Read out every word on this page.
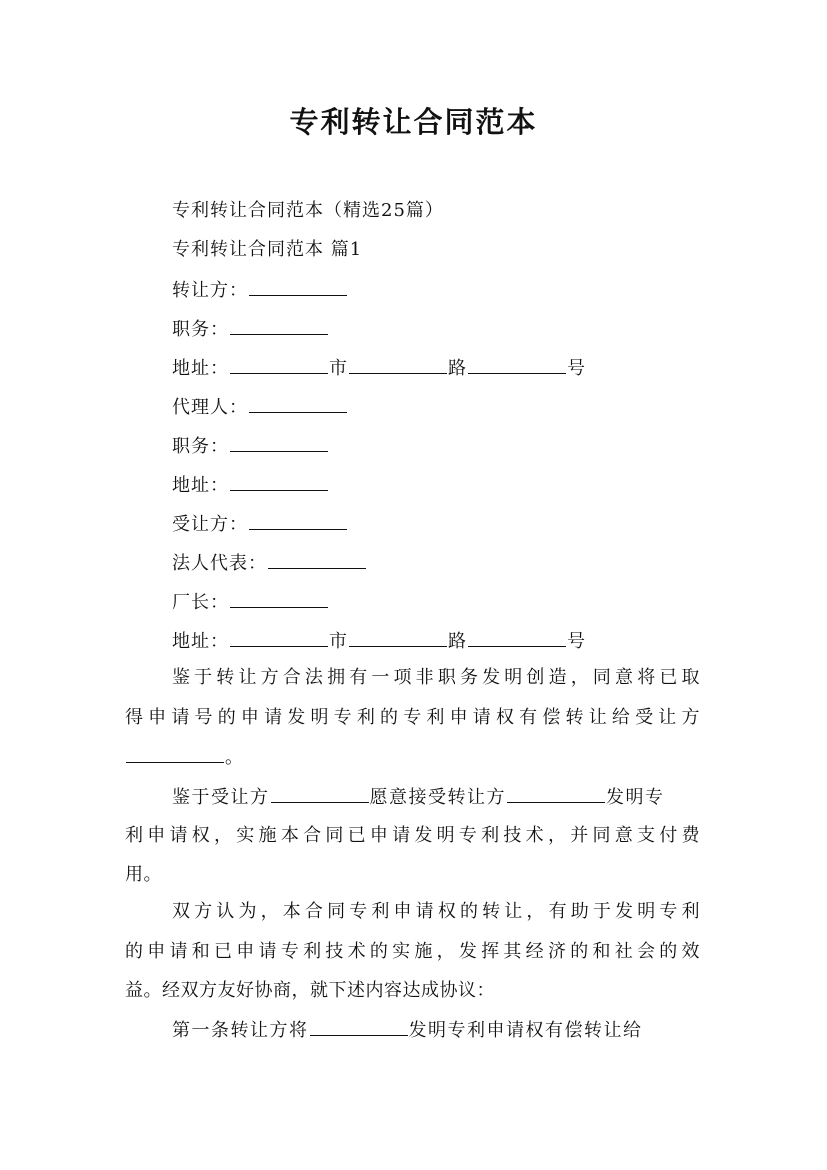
专利转让合同范本
专利转让合同范本（精选25篇）
专利转让合同范本 篇1
转让方：
职务：
地址：	市	路	号
代理人：
职务：
地址：
受让方：
法人代表：
厂长：
地址：	市	路	号
鉴于转让方合法拥有一项非职务发明创造，同意将已取
得申请号的申请发明专利的专利申请权有偿转让给受让方
。
鉴于受让方	愿意接受转让方	发明专
利申请权，实施本合同已申请发明专利技术，并同意支付费
用。
双方认为，本合同专利申请权的转让，有助于发明专利
的申请和已申请专利技术的实施，发挥其经济的和社会的效
益。经双方友好协商，就下述内容达成协议：
第一条转让方将	发明专利申请权有偿转让给
